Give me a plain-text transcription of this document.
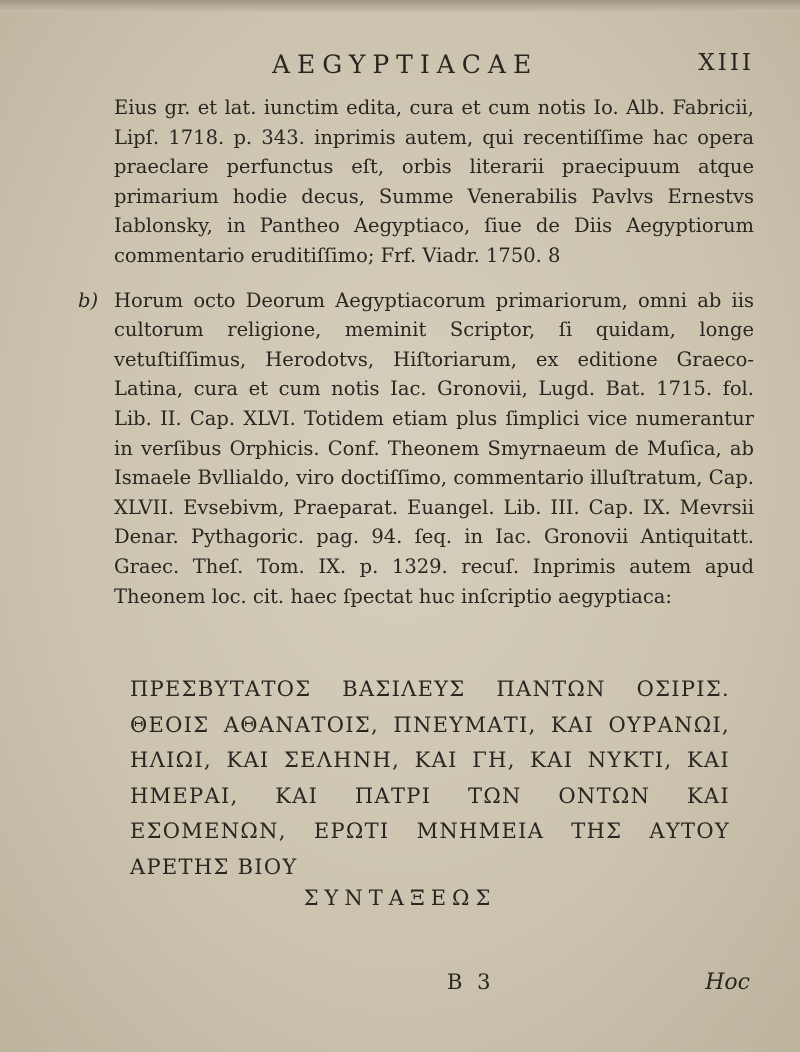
AEGYPTIACAE	XIII

Eius gr. et lat. iunctim edita, cura et cum notis Io. Alb. Fabricii, Lipſ. 1718. p. 343. inprimis autem, qui recentiſſime hac opera praeclare perfunctus eſt, orbis literarii praecipuum atque primarium hodie decus, Summe Venerabilis Pavlvs Ernestvs Iablonsky, in Pantheo Aegyptiaco, ſiue de Diis Aegyptiorum commentario eruditiſſimo; Frf. Viadr. 1750. 8

b) Horum octo Deorum Aegyptiacorum primariorum, omni ab iis cultorum religione, meminit Scriptor, ſi quidam, longe vetuſtiſſimus, Herodotvs, Hiſtoriarum, ex editione Graeco-Latina, cura et cum notis Iac. Gronovii, Lugd. Bat. 1715. fol. Lib. II. Cap. XLVI. Totidem etiam plus ſimplici vice numerantur in verſibus Orphicis. Conf. Theonem Smyrnaeum de Muſica, ab Ismaele Bvllialdo, viro doctiſſimo, commentario illuſtratum, Cap. XLVII. Evsebivm, Praeparat. Euangel. Lib. III. Cap. IX. Mevrsii Denar. Pythagoric. pag. 94. ſeq. in Iac. Gronovii Antiquitatt. Graec. Theſ. Tom. IX. p. 1329. recuſ. Inprimis autem apud Theonem loc. cit. haec ſpectat huc inſcriptio aegyptiaca:
ΠΡΕΣΒΥΤΑΤΟΣ ΒΑΣΙΛΕΥΣ ΠΑΝΤΩΝ ΟΣΙΡΙΣ. ΘΕΟΙΣ ΑΘΑΝΑΤΟΙΣ, ΠΝΕΥΜΑΤΙ, ΚΑΙ ΟΥΡΑΝΩΙ, ΗΛΙΩΙ, ΚΑΙ ΣΕΛΗΝΗ, ΚΑΙ ΓΗ, ΚΑΙ ΝΥΚΤΙ, ΚΑΙ ΗΜΕΡΑΙ, ΚΑΙ ΠΑΤΡΙ ΤΩΝ ΟΝΤΩΝ ΚΑΙ ΕΣΟΜΕΝΩΝ, ΕΡΩΤΙ ΜΝΗΜΕΙΑ ΤΗΣ ΑΥΤΟΥ ΑΡΕΤΗΣ ΒΙΟΥ
ΣΥΝΤΑΞΕΩΣ
B 3	Hoc
